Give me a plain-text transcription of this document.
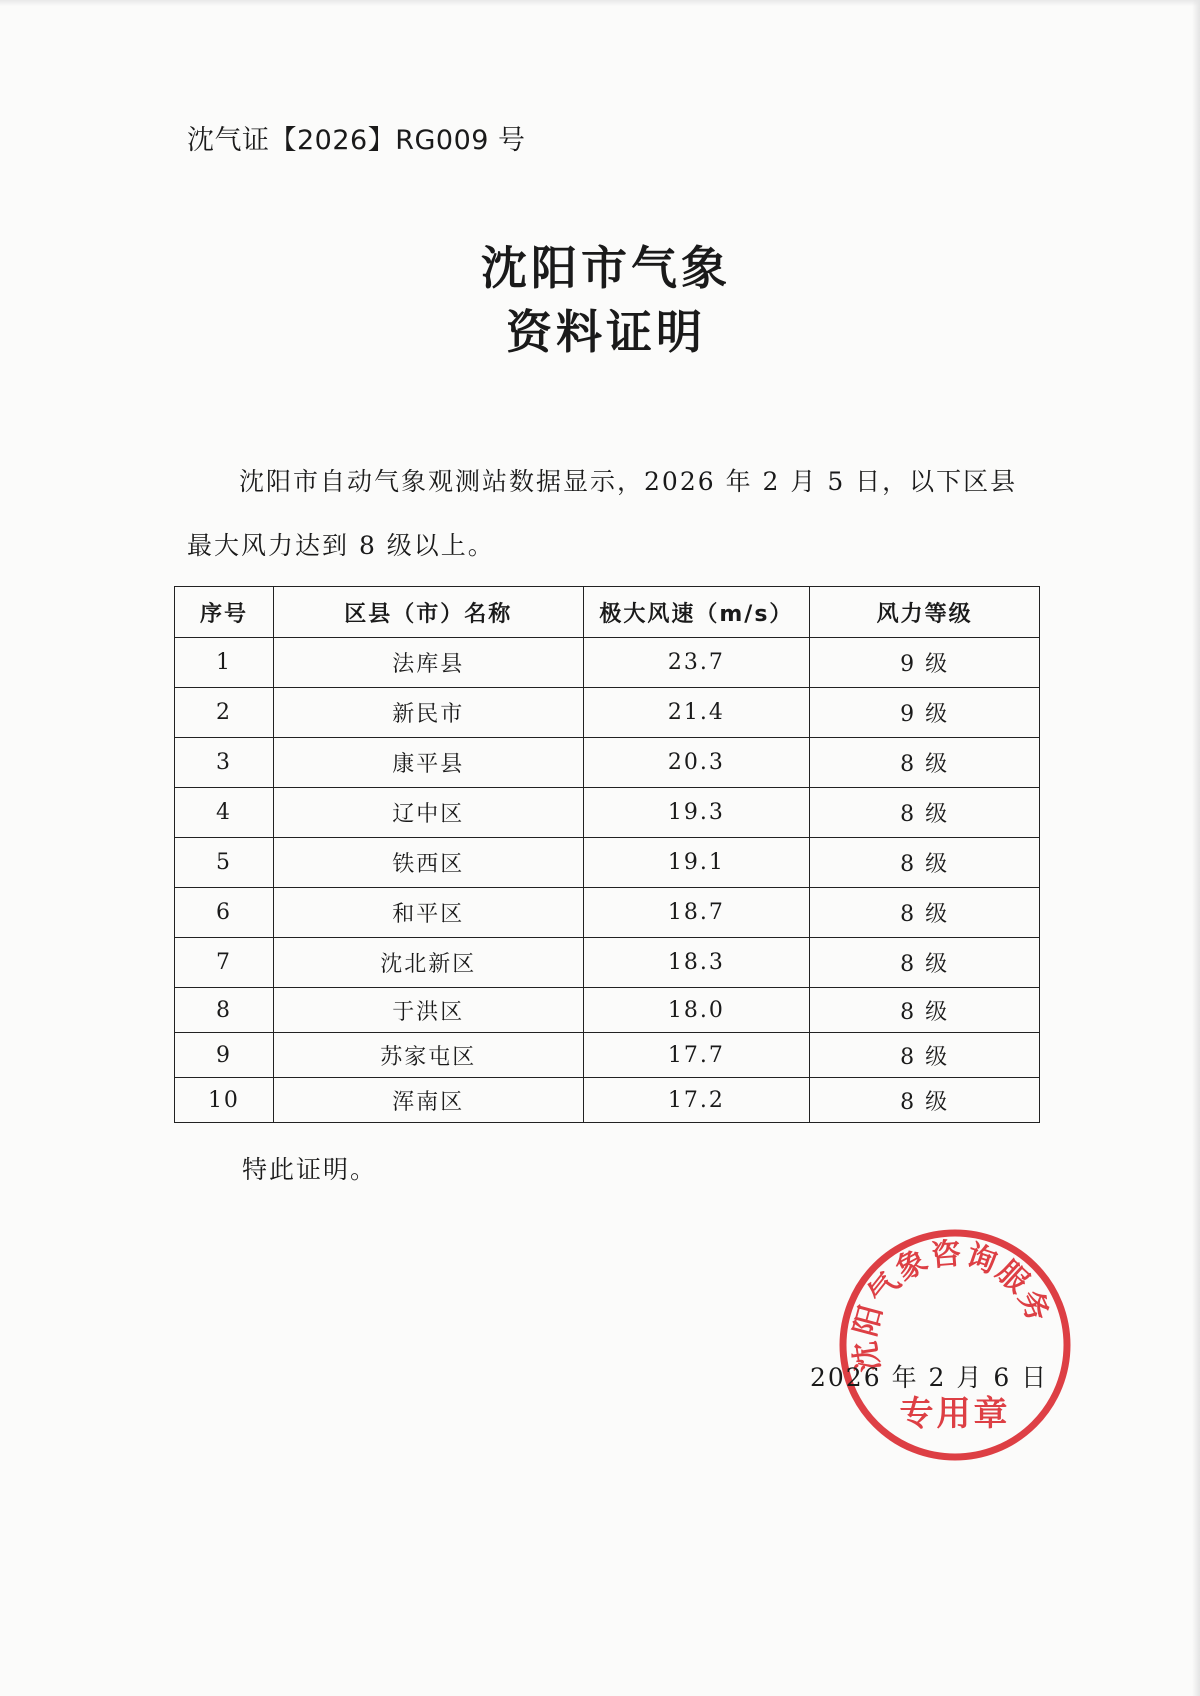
沈气证【2026】RG009 号
沈阳市气象
资料证明
沈阳市自动气象观测站数据显示，2026 年 2 月 5 日，以下区县最大风力达到 8 级以上。
序号	区县（市）名称	极大风速（m/s）	风力等级
1	法库县	23.7	9 级
2	新民市	21.4	9 级
3	康平县	20.3	8 级
4	辽中区	19.3	8 级
5	铁西区	19.1	8 级
6	和平区	18.7	8 级
7	沈北新区	18.3	8 级
8	于洪区	18.0	8 级
9	苏家屯区	17.7	8 级
10	浑南区	17.2	8 级
特此证明。
沈阳气象咨询服务
专用章
2026 年 2 月 6 日
